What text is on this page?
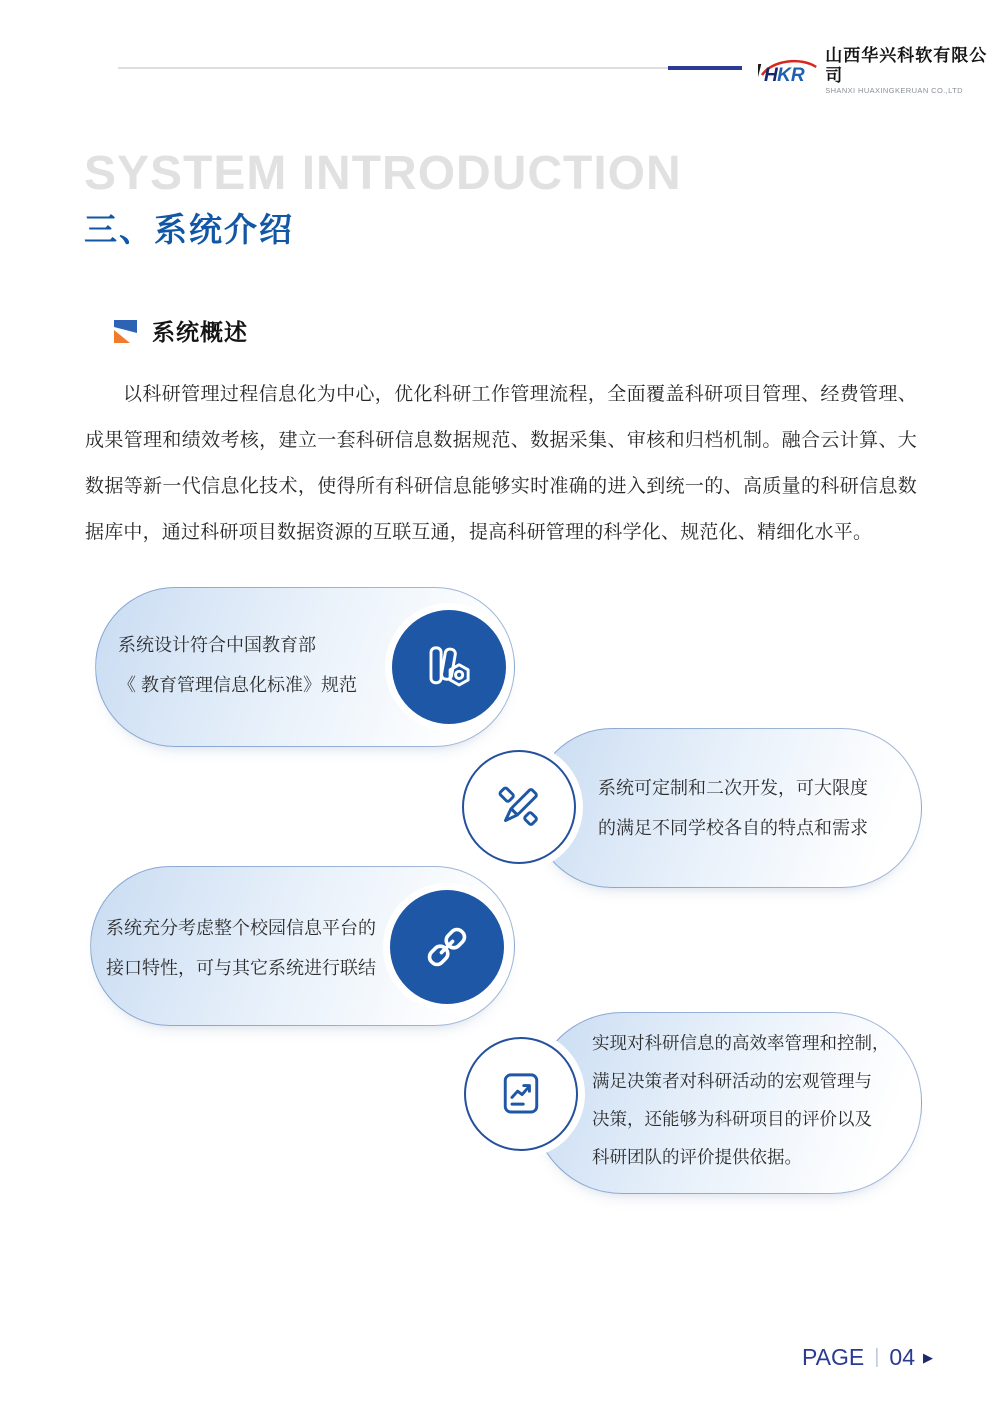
H KR
山西华兴科软有限公司
SHANXI HUAXINGKERUAN CO.,LTD
SYSTEM INTRODUCTION
三、系统介绍
系统概述

以科研管理过程信息化为中心，优化科研工作管理流程，全面覆盖科研项目管理、经费管理、成果管理和绩效考核，建立一套科研信息数据规范、数据采集、审核和归档机制。融合云计算、大数据等新一代信息化技术，使得所有科研信息能够实时准确的进入到统一的、高质量的科研信息数据库中，通过科研项目数据资源的互联互通，提高科研管理的科学化、规范化、精细化水平。

系统设计符合中国教育部
《 教育管理信息化标准》规范
系统可定制和二次开发，可大限度
的满足不同学校各自的特点和需求
系统充分考虑整个校园信息平台的
接口特性，可与其它系统进行联结
实现对科研信息的高效率管理和控制，
满足决策者对科研活动的宏观管理与
决策，还能够为科研项目的评价以及
科研团队的评价提供依据。
PAGE | 04 ▶
